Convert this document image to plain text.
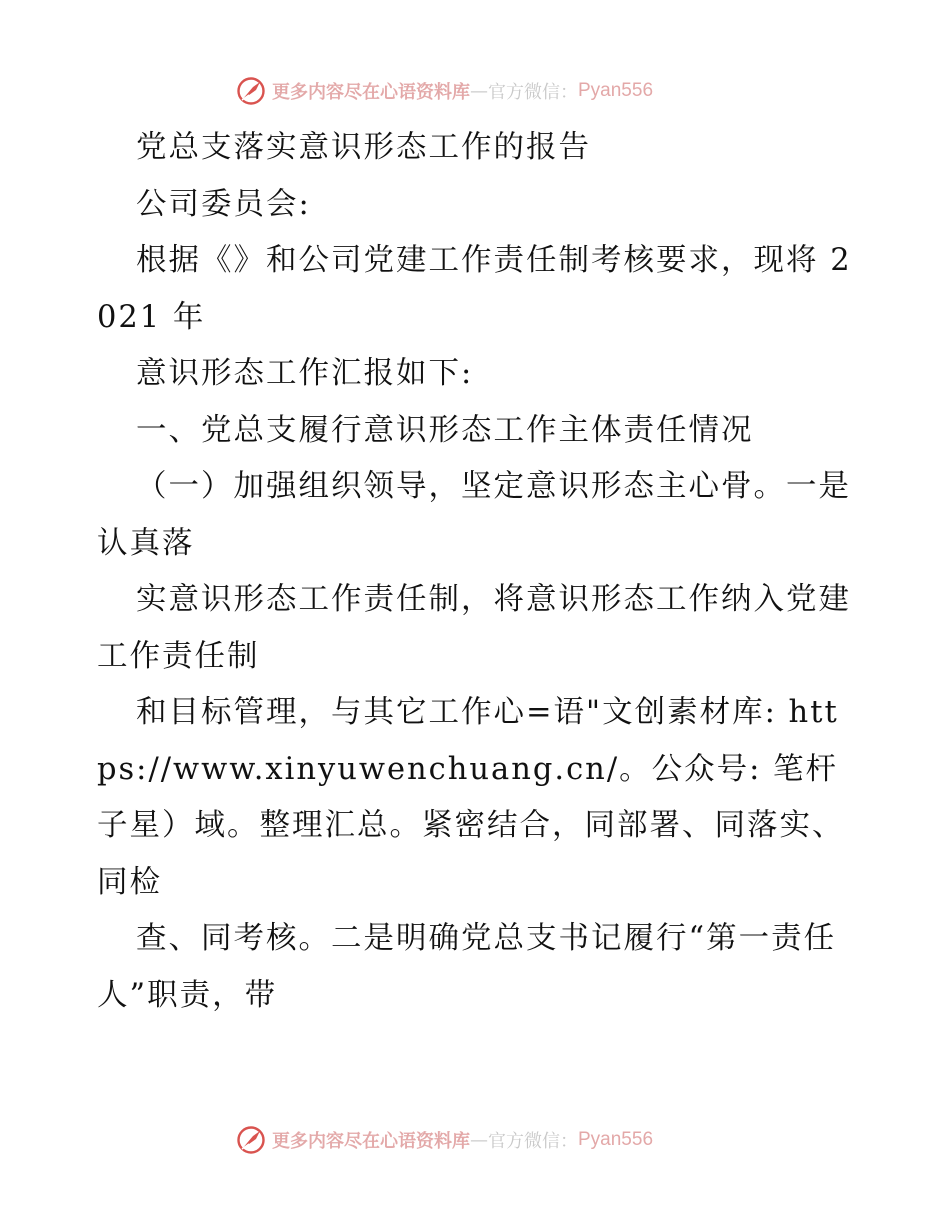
更多内容尽在心语资料库 — 官方微信： Pyan556

党总支落实意识形态工作的报告

公司委员会:

根据《》和公司党建工作责任制考核要求，现将 2021 年

意识形态工作汇报如下:

一、党总支履行意识形态工作主体责任情况

（一）加强组织领导，坚定意识形态主心骨。一是认真落

实意识形态工作责任制，将意识形态工作纳入党建工作责任制

和目标管理，与其它工作心=语"文创素材库: https://www.xinyuwenchuang.cn/。公众号: 笔杆子星）域。整理汇总。紧密结合，同部署、同落实、同检

查、同考核。二是明确党总支书记履行“第一责任人”职责，带

更多内容尽在心语资料库 — 官方微信： Pyan556
